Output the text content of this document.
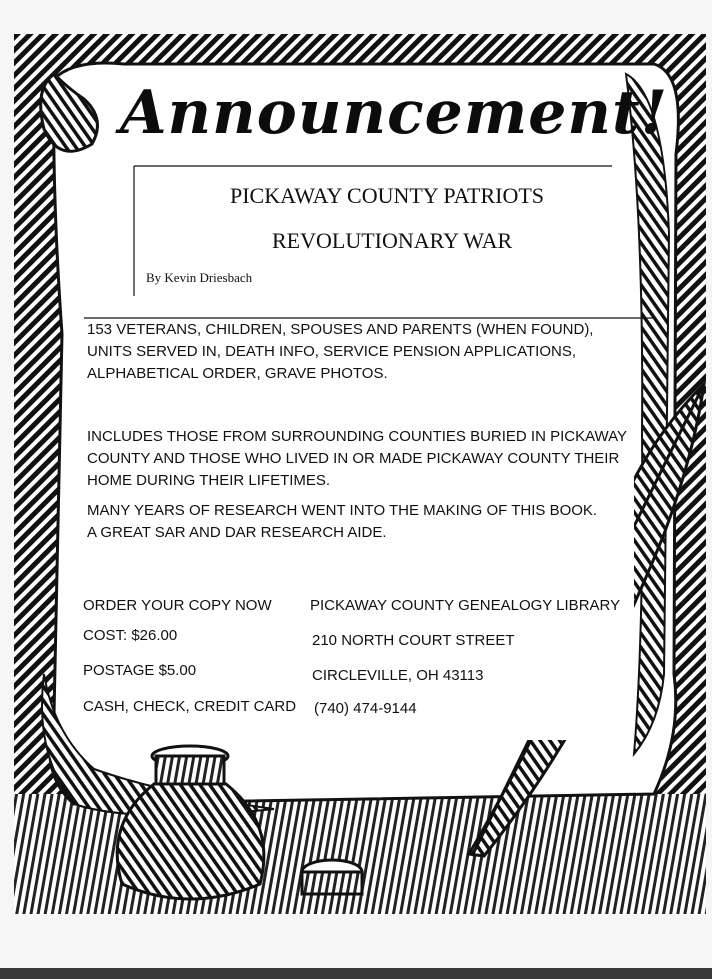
Announcement!
PICKAWAY COUNTY PATRIOTS
REVOLUTIONARY WAR
By Kevin Driesbach

153 VETERANS, CHILDREN, SPOUSES AND PARENTS (WHEN FOUND), UNITS SERVED IN, DEATH INFO, SERVICE PENSION APPLICATIONS, ALPHABETICAL ORDER, GRAVE PHOTOS.

INCLUDES THOSE FROM SURROUNDING COUNTIES BURIED IN PICKAWAY COUNTY AND THOSE WHO LIVED IN OR MADE PICKAWAY COUNTY THEIR HOME DURING THEIR LIFETIMES.

MANY YEARS OF RESEARCH WENT INTO THE MAKING OF THIS BOOK. A GREAT SAR AND DAR RESEARCH AIDE.

ORDER YOUR COPY NOW
COST: $26.00
POSTAGE $5.00
CASH, CHECK, CREDIT CARD
PICKAWAY COUNTY GENEALOGY LIBRARY
210 NORTH COURT STREET
CIRCLEVILLE, OH 43113
(740) 474-9144
